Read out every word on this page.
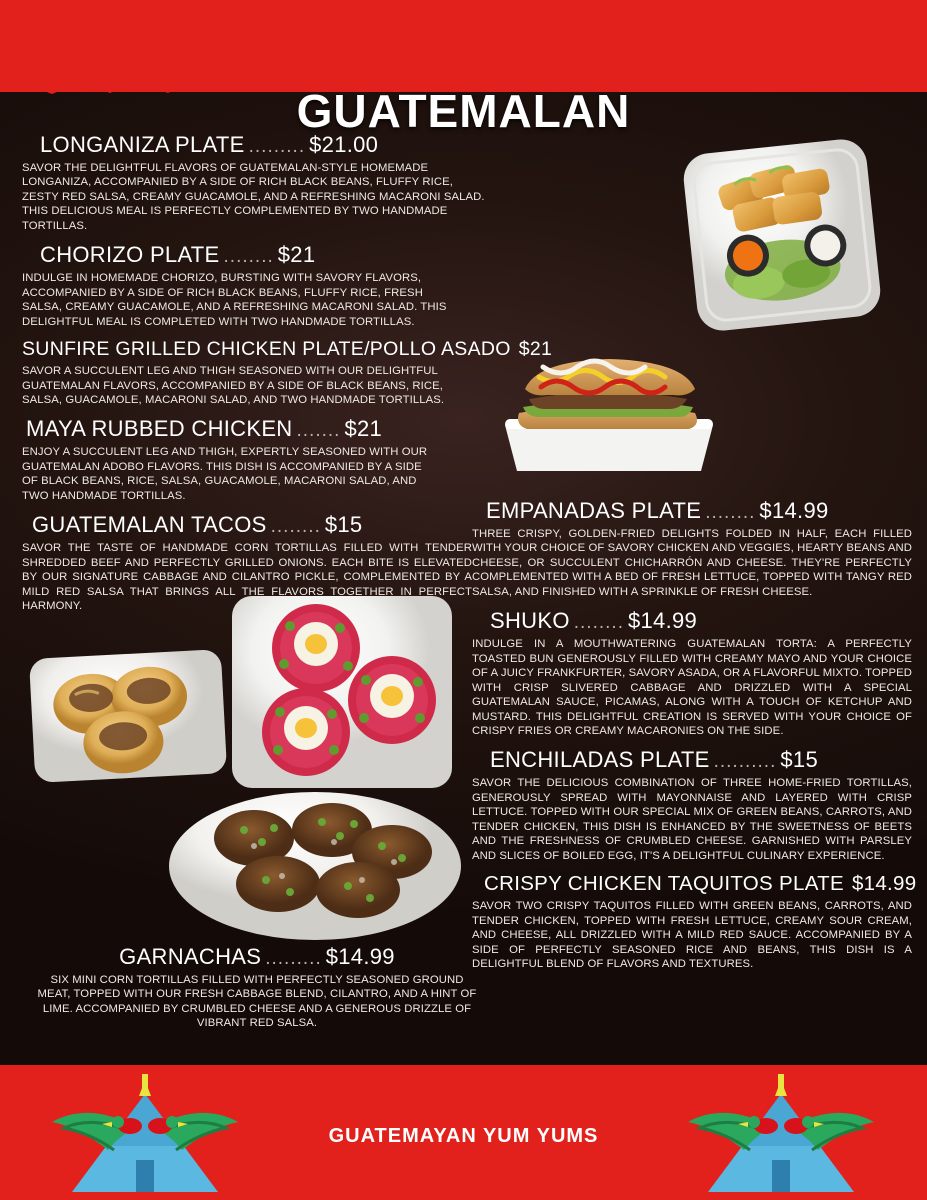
GUATEMALAN
LONGANIZA PLATE ......... $21.00
SAVOR THE DELIGHTFUL FLAVORS OF GUATEMALAN-STYLE HOMEMADE LONGANIZA, ACCOMPANIED BY A SIDE OF RICH BLACK BEANS, FLUFFY RICE, ZESTY RED SALSA, CREAMY GUACAMOLE, AND A REFRESHING MACARONI SALAD. THIS DELICIOUS MEAL IS PERFECTLY COMPLEMENTED BY TWO HANDMADE TORTILLAS.
CHORIZO PLATE ........ $21
INDULGE IN HOMEMADE CHORIZO, BURSTING WITH SAVORY FLAVORS, ACCOMPANIED BY A SIDE OF RICH BLACK BEANS, FLUFFY RICE, FRESH SALSA, CREAMY GUACAMOLE, AND A REFRESHING MACARONI SALAD. THIS DELIGHTFUL MEAL IS COMPLETED WITH TWO HANDMADE TORTILLAS.
SUNFIRE GRILLED CHICKEN PLATE/POLLO ASADO $21
SAVOR A SUCCULENT LEG AND THIGH SEASONED WITH OUR DELIGHTFUL GUATEMALAN FLAVORS, ACCOMPANIED BY A SIDE OF BLACK BEANS, RICE, SALSA, GUACAMOLE, MACARONI SALAD, AND TWO HANDMADE TORTILLAS.
MAYA RUBBED CHICKEN ....... $21
ENJOY A SUCCULENT LEG AND THIGH, EXPERTLY SEASONED WITH OUR GUATEMALAN ADOBO FLAVORS. THIS DISH IS ACCOMPANIED BY A SIDE OF BLACK BEANS, RICE, SALSA, GUACAMOLE, MACARONI SALAD, AND TWO HANDMADE TORTILLAS.
GUATEMALAN TACOS ........ $15
SAVOR THE TASTE OF HANDMADE CORN TORTILLAS FILLED WITH TENDER SHREDDED BEEF AND PERFECTLY GRILLED ONIONS. EACH BITE IS ELEVATED BY OUR SIGNATURE CABBAGE AND CILANTRO PICKLE, COMPLEMENTED BY A MILD RED SALSA THAT BRINGS ALL THE FLAVORS TOGETHER IN PERFECT HARMONY.
GARNACHAS ......... $14.99
SIX MINI CORN TORTILLAS FILLED WITH PERFECTLY SEASONED GROUND MEAT, TOPPED WITH OUR FRESH CABBAGE BLEND, CILANTRO, AND A HINT OF LIME. ACCOMPANIED BY CRUMBLED CHEESE AND A GENEROUS DRIZZLE OF VIBRANT RED SALSA.
EMPANADAS PLATE ........ $14.99
THREE CRISPY, GOLDEN-FRIED DELIGHTS FOLDED IN HALF, EACH FILLED WITH YOUR CHOICE OF SAVORY CHICKEN AND VEGGIES, HEARTY BEANS AND CHEESE, OR SUCCULENT CHICHARRÓN AND CHEESE. THEY'RE PERFECTLY COMPLEMENTED WITH A BED OF FRESH LETTUCE, TOPPED WITH TANGY RED SALSA, AND FINISHED WITH A SPRINKLE OF FRESH CHEESE.
SHUKO ........ $14.99
INDULGE IN A MOUTHWATERING GUATEMALAN TORTA: A PERFECTLY TOASTED BUN GENEROUSLY FILLED WITH CREAMY MAYO AND YOUR CHOICE OF A JUICY FRANKFURTER, SAVORY ASADA, OR A FLAVORFUL MIXTO. TOPPED WITH CRISP SLIVERED CABBAGE AND DRIZZLED WITH A SPECIAL GUATEMALAN SAUCE, PICAMAS, ALONG WITH A TOUCH OF KETCHUP AND MUSTARD. THIS DELIGHTFUL CREATION IS SERVED WITH YOUR CHOICE OF CRISPY FRIES OR CREAMY MACARONIES ON THE SIDE.
ENCHILADAS PLATE .......... $15
SAVOR THE DELICIOUS COMBINATION OF THREE HOME-FRIED TORTILLAS, GENEROUSLY SPREAD WITH MAYONNAISE AND LAYERED WITH CRISP LETTUCE. TOPPED WITH OUR SPECIAL MIX OF GREEN BEANS, CARROTS, AND TENDER CHICKEN, THIS DISH IS ENHANCED BY THE SWEETNESS OF BEETS AND THE FRESHNESS OF CRUMBLED CHEESE. GARNISHED WITH PARSLEY AND SLICES OF BOILED EGG, IT'S A DELIGHTFUL CULINARY EXPERIENCE.
CRISPY CHICKEN TAQUITOS PLATE $14.99
SAVOR TWO CRISPY TAQUITOS FILLED WITH GREEN BEANS, CARROTS, AND TENDER CHICKEN, TOPPED WITH FRESH LETTUCE, CREAMY SOUR CREAM, AND CHEESE, ALL DRIZZLED WITH A MILD RED SAUCE. ACCOMPANIED BY A SIDE OF PERFECTLY SEASONED RICE AND BEANS, THIS DISH IS A DELIGHTFUL BLEND OF FLAVORS AND TEXTURES.
GUATEMAYAN YUM YUMS
